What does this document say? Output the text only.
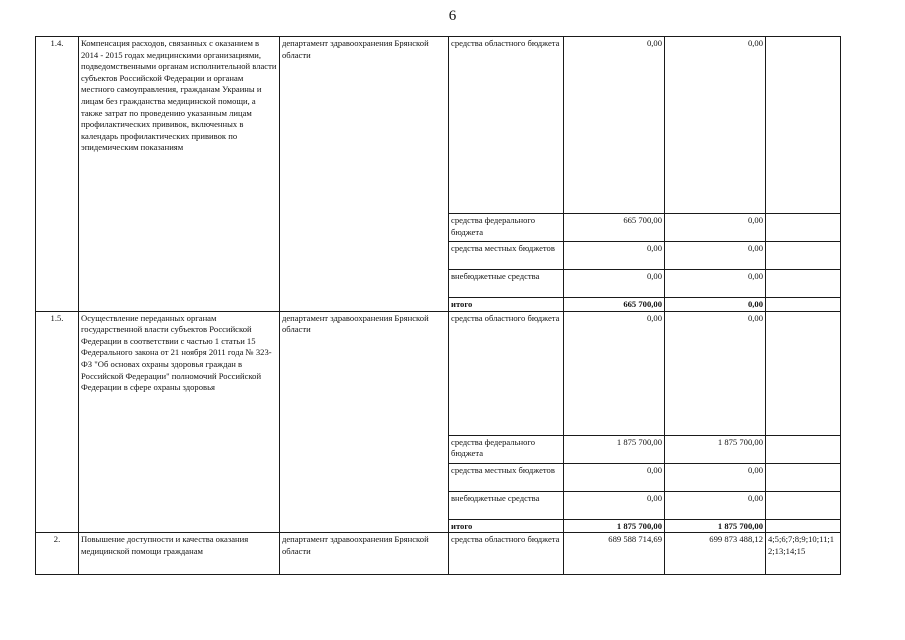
6
1.4.	Компенсация расходов, связанных с оказанием в 2014 - 2015 годах медицинскими организациями, подведомственными органам исполнительной власти субъектов Российской Федерации и органам местного самоуправления, гражданам Украины и лицам без гражданства медицинской помощи, а также затрат по проведению указанным лицам профилактических прививок, включенных в календарь профилактических прививок по эпидемическим показаниям	департамент здравоохранения Брянской области	средства областного бюджета	0,00	0,00	
			средства федерального бюджета	665 700,00	0,00	
			средства местных бюджетов	0,00	0,00	
			внебюджетные средства	0,00	0,00	
			итого	665 700,00	0,00	
1.5.	Осуществление переданных органам государственной власти субъектов Российской Федерации в соответствии с частью 1 статьи 15 Федерального закона от 21 ноября 2011 года № 323-ФЗ "Об основах охраны здоровья граждан в Российской Федерации" полномочий Российской Федерации в сфере охраны здоровья	департамент здравоохранения Брянской области	средства областного бюджета	0,00	0,00	
			средства федерального бюджета	1 875 700,00	1 875 700,00	
			средства местных бюджетов	0,00	0,00	
			внебюджетные средства	0,00	0,00	
			итого	1 875 700,00	1 875 700,00	
2.	Повышение доступности и качества оказания медицинской помощи гражданам	департамент здравоохранения Брянской области	средства областного бюджета	689 588 714,69	699 873 488,12	4;5;6;7;8;9;10;11;12;13;14;15
